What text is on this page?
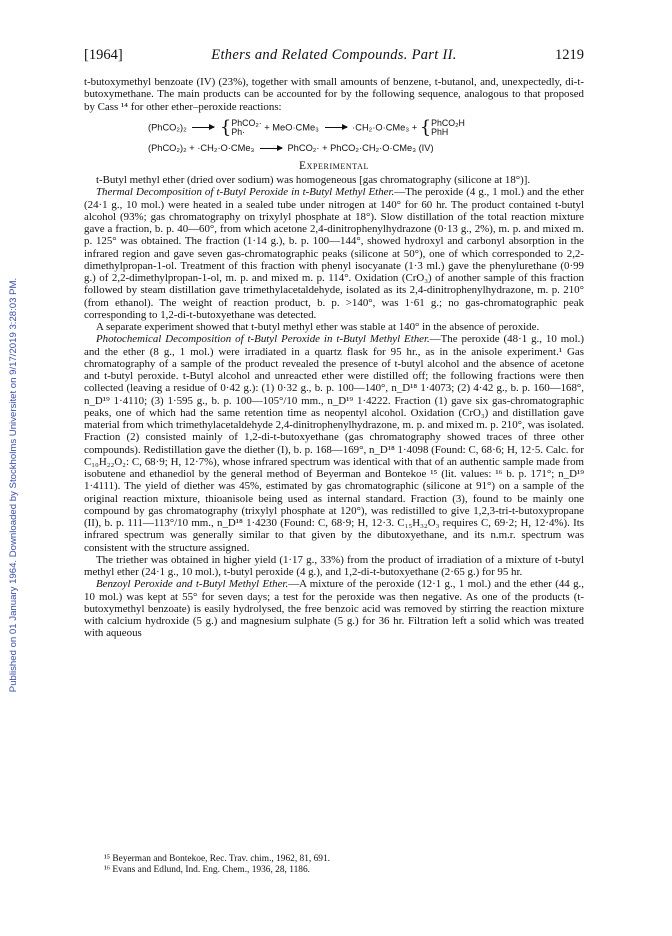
Published on 01 January 1964. Downloaded by Stockholms Universitet on 9/17/2019 3:28:03 PM.
[1964]	Ethers and Related Compounds. Part II.	1219

t-butoxymethyl benzoate (IV) (23%), together with small amounts of benzene, t-butanol, and, unexpectedly, di-t-butoxymethane. The main products can be accounted for by the following sequence, analogous to that proposed by Cass ¹⁴ for other ether–peroxide reactions:

(PhCO₂)₂ {PhCO₂·
Ph· + MeO·CMe₃	·CH₂·O·CMe₃ + {PhCO₂H
PhH
(PhCO₂)₂ + ·CH₂·O·CMe₃	PhCO₂· + PhCO₂·CH₂·O·CMe₃ (IV)
Experimental

t-Butyl methyl ether (dried over sodium) was homogeneous [gas chromatography (silicone at 18°)].

Thermal Decomposition of t-Butyl Peroxide in t-Butyl Methyl Ether.—The peroxide (4 g., 1 mol.) and the ether (24·1 g., 10 mol.) were heated in a sealed tube under nitrogen at 140° for 60 hr. The product contained t-butyl alcohol (93%; gas chromatography on trixylyl phosphate at 18°). Slow distillation of the total reaction mixture gave a fraction, b. p. 40—60°, from which acetone 2,4-dinitrophenylhydrazone (0·13 g., 2%), m. p. and mixed m. p. 125° was obtained. The fraction (1·14 g.), b. p. 100—144°, showed hydroxyl and carbonyl absorption in the infrared region and gave seven gas-chromatographic peaks (silicone at 50°), one of which corresponded to 2,2-dimethylpropan-1-ol. Treatment of this fraction with phenyl isocyanate (1·3 ml.) gave the phenylurethane (0·99 g.) of 2,2-dimethylpropan-1-ol, m. p. and mixed m. p. 114°. Oxidation (CrO₃) of another sample of this fraction followed by steam distillation gave trimethylacetaldehyde, isolated as its 2,4-dinitrophenylhydrazone, m. p. 210° (from ethanol). The weight of reaction product, b. p. >140°, was 1·61 g.; no gas-chromatographic peak corresponding to 1,2-di-t-butoxyethane was detected.

A separate experiment showed that t-butyl methyl ether was stable at 140° in the absence of peroxide.

Photochemical Decomposition of t-Butyl Peroxide in t-Butyl Methyl Ether.—The peroxide (48·1 g., 10 mol.) and the ether (8 g., 1 mol.) were irradiated in a quartz flask for 95 hr., as in the anisole experiment.¹ Gas chromatography of a sample of the product revealed the presence of t-butyl alcohol and the absence of acetone and t-butyl peroxide. t-Butyl alcohol and unreacted ether were distilled off; the following fractions were then collected (leaving a residue of 0·42 g.): (1) 0·32 g., b. p. 100—140°, n_D¹⁸ 1·4073; (2) 4·42 g., b. p. 160—168°, n_D¹⁹ 1·4110; (3) 1·595 g., b. p. 100—105°/10 mm., n_D¹⁹ 1·4222. Fraction (1) gave six gas-chromatographic peaks, one of which had the same retention time as neopentyl alcohol. Oxidation (CrO₃) and distillation gave material from which trimethylacetaldehyde 2,4-dinitrophenylhydrazone, m. p. and mixed m. p. 210°, was isolated. Fraction (2) consisted mainly of 1,2-di-t-butoxyethane (gas chromatography showed traces of three other compounds). Redistillation gave the diether (I), b. p. 168—169°, n_D¹⁸ 1·4098 (Found: C, 68·6; H, 12·5. Calc. for C₁₀H₂₂O₂: C, 68·9; H, 12·7%), whose infrared spectrum was identical with that of an authentic sample made from isobutene and ethanediol by the general method of Beyerman and Bontekoe ¹⁵ (lit. values: ¹⁶ b. p. 171°; n_D¹⁹ 1·4111). The yield of diether was 45%, estimated by gas chromatographic (silicone at 91°) on a sample of the original reaction mixture, thioanisole being used as internal standard. Fraction (3), found to be mainly one compound by gas chromatography (trixylyl phosphate at 120°), was redistilled to give 1,2,3-tri-t-butoxypropane (II), b. p. 111—113°/10 mm., n_D¹⁸ 1·4230 (Found: C, 68·9; H, 12·3. C₁₅H₃₂O₃ requires C, 69·2; H, 12·4%). Its infrared spectrum was generally similar to that given by the dibutoxyethane, and its n.m.r. spectrum was consistent with the structure assigned.

The triether was obtained in higher yield (1·17 g., 33%) from the product of irradiation of a mixture of t-butyl methyl ether (24·1 g., 10 mol.), t-butyl peroxide (4 g.), and 1,2-di-t-butoxyethane (2·65 g.) for 95 hr.

Benzoyl Peroxide and t-Butyl Methyl Ether.—A mixture of the peroxide (12·1 g., 1 mol.) and the ether (44 g., 10 mol.) was kept at 55° for seven days; a test for the peroxide was then negative. As one of the products (t-butoxymethyl benzoate) is easily hydrolysed, the free benzoic acid was removed by stirring the reaction mixture with calcium hydroxide (5 g.) and magnesium sulphate (5 g.) for 36 hr. Filtration left a solid which was treated with aqueous

¹⁵ Beyerman and Bontekoe, Rec. Trav. chim., 1962, 81, 691.
¹⁶ Evans and Edlund, Ind. Eng. Chem., 1936, 28, 1186.
